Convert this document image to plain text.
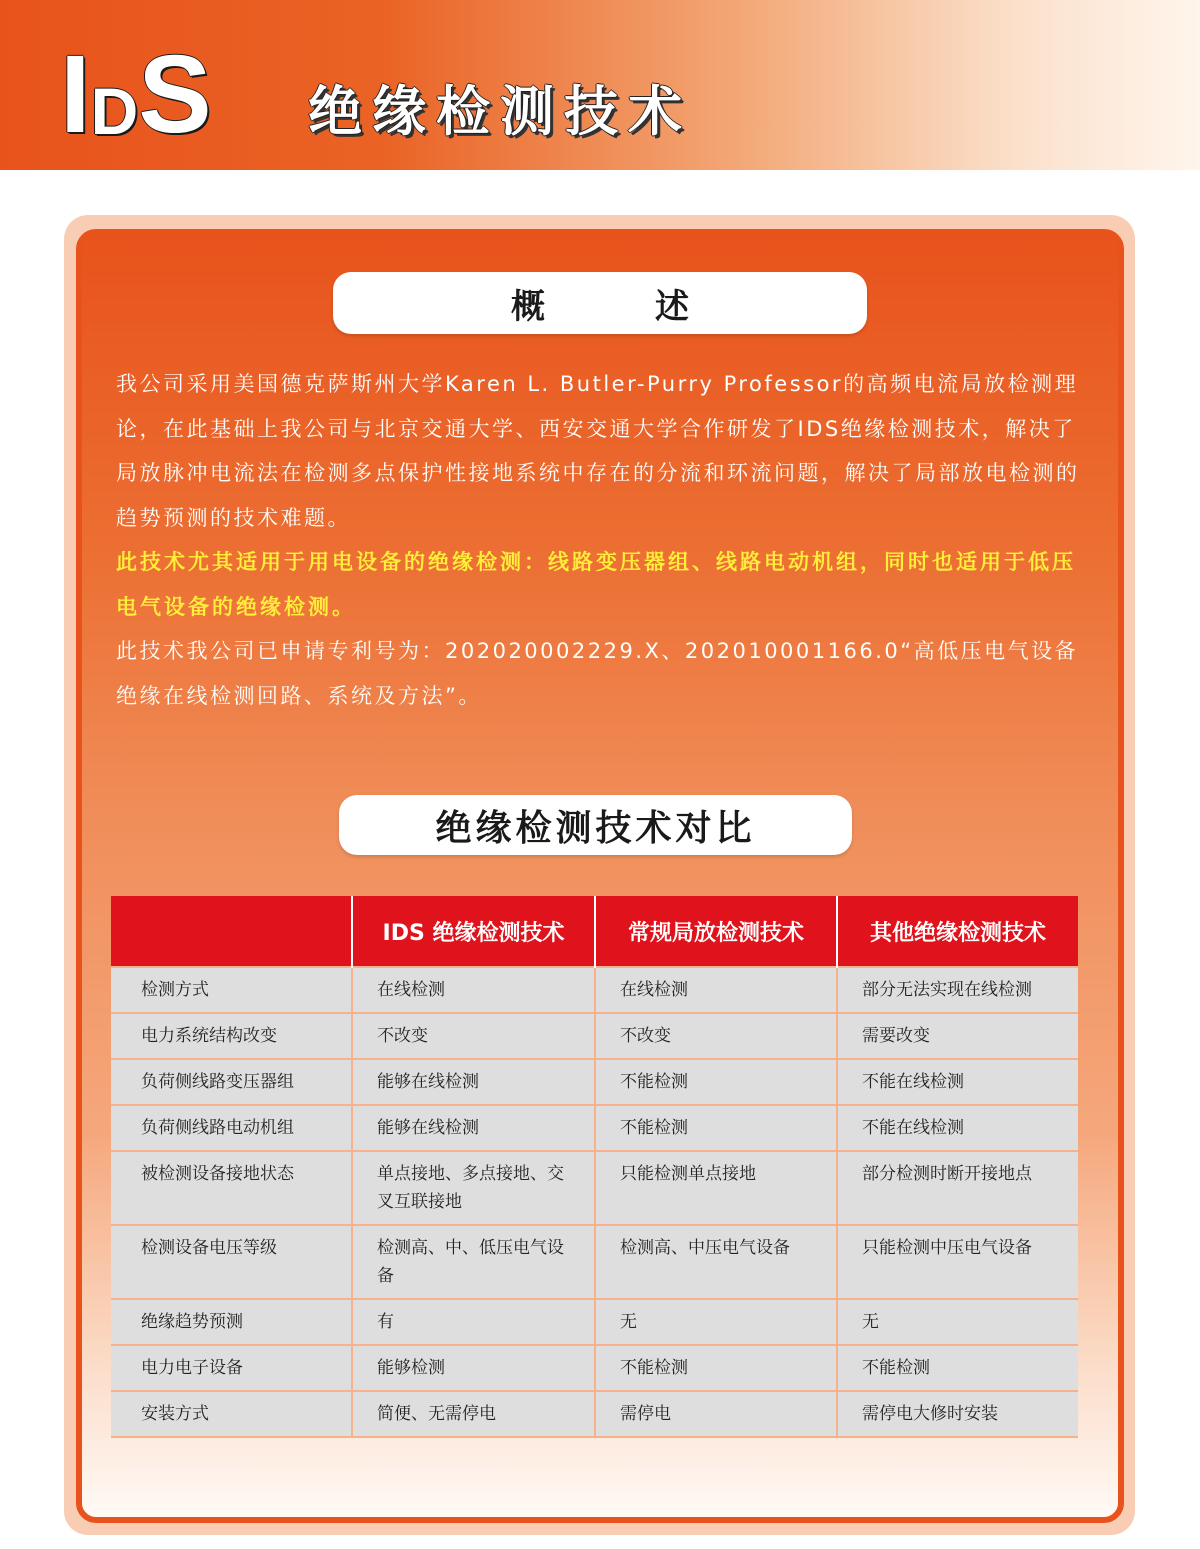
I D S 绝缘检测技术
概	述

我公司采用美国德克萨斯州大学Karen L. Butler-Purry Professor的高频电流局放检测理论，在此基础上我公司与北京交通大学、西安交通大学合作研发了IDS绝缘检测技术，解决了局放脉冲电流法在检测多点保护性接地系统中存在的分流和环流问题，解决了局部放电检测的趋势预测的技术难题。

此技术尤其适用于用电设备的绝缘检测：线路变压器组、线路电动机组，同时也适用于低压电气设备的绝缘检测。

此技术我公司已申请专利号为：202020002229.X、202010001166.0“高低压电气设备绝缘在线检测回路、系统及方法”。

绝缘检测技术对比
	IDS 绝缘检测技术	常规局放检测技术	其他绝缘检测技术
检测方式	在线检测	在线检测	部分无法实现在线检测
电力系统结构改变	不改变	不改变	需要改变
负荷侧线路变压器组	能够在线检测	不能检测	不能在线检测
负荷侧线路电动机组	能够在线检测	不能检测	不能在线检测
被检测设备接地状态	单点接地、多点接地、交叉互联接地	只能检测单点接地	部分检测时断开接地点
检测设备电压等级	检测高、中、低压电气设备	检测高、中压电气设备	只能检测中压电气设备
绝缘趋势预测	有	无	无
电力电子设备	能够检测	不能检测	不能检测
安装方式	简便、无需停电	需停电	需停电大修时安装
